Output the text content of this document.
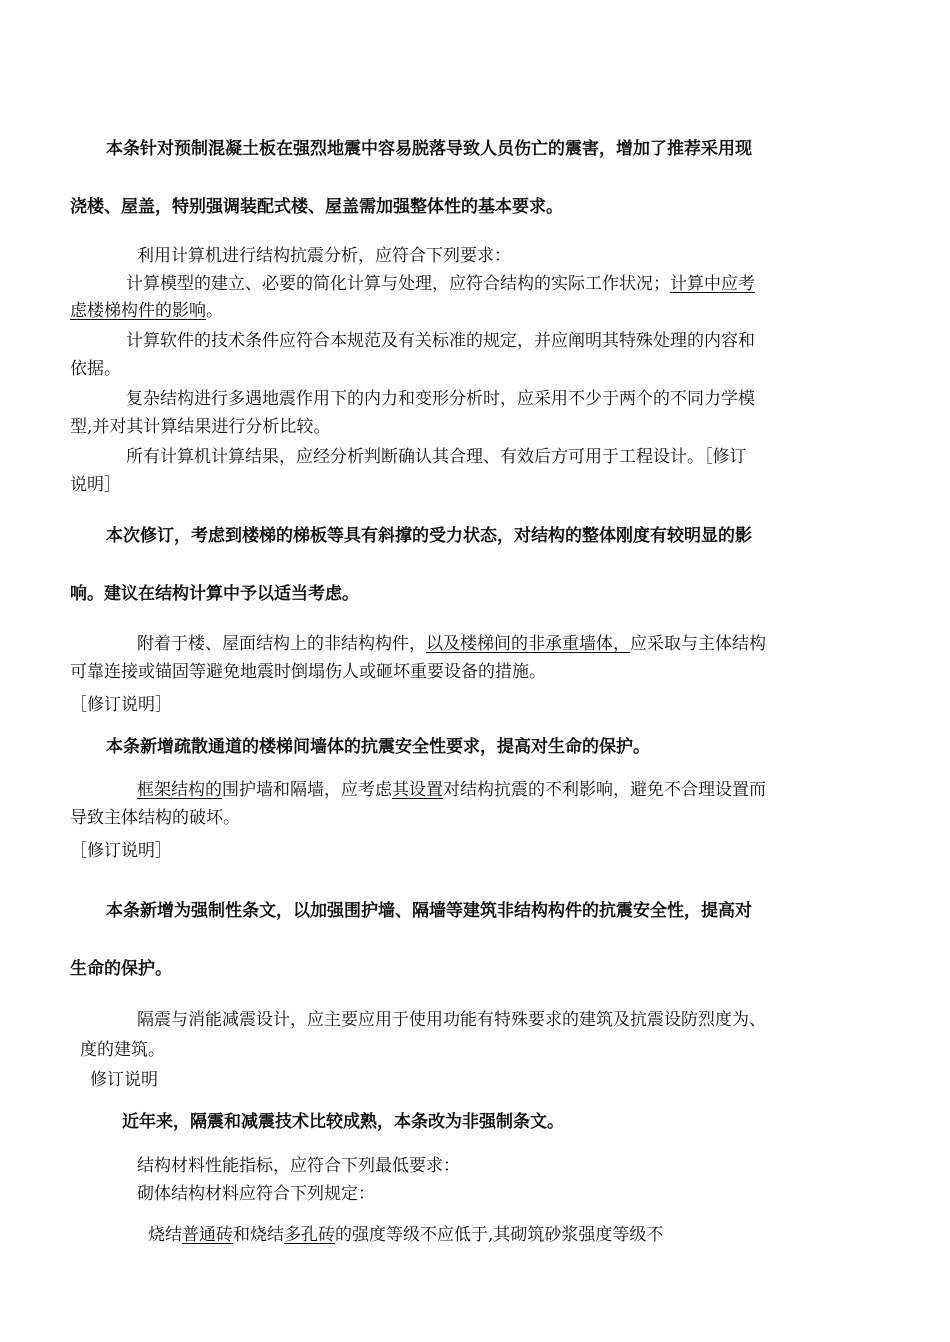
本条针对预制混凝土板在强烈地震中容易脱落导致人员伤亡的震害，增加了推荐采用现
浇楼、屋盖，特别强调装配式楼、屋盖需加强整体性的基本要求。
利用计算机进行结构抗震分析，应符合下列要求：
计算模型的建立、必要的简化计算与处理，应符合结构的实际工作状况；计算中应考
虑楼梯构件的影响。
计算软件的技术条件应符合本规范及有关标准的规定，并应阐明其特殊处理的内容和
依据。
复杂结构进行多遇地震作用下的内力和变形分析时，应采用不少于两个的不同力学模
型,并对其计算结果进行分析比较。
所有计算机计算结果，应经分析判断确认其合理、有效后方可用于工程设计。［修订
说明］
本次修订，考虑到楼梯的梯板等具有斜撑的受力状态，对结构的整体刚度有较明显的影
响。建议在结构计算中予以适当考虑。
附着于楼、屋面结构上的非结构构件，以及楼梯间的非承重墙体，应采取与主体结构
可靠连接或锚固等避免地震时倒塌伤人或砸坏重要设备的措施。
［修订说明］
本条新增疏散通道的楼梯间墙体的抗震安全性要求，提高对生命的保护。
框架结构的围护墙和隔墙，应考虑其设置对结构抗震的不利影响，避免不合理设置而
导致主体结构的破坏。
［修订说明］
本条新增为强制性条文，以加强围护墙、隔墙等建筑非结构构件的抗震安全性，提高对
生命的保护。
隔震与消能减震设计，应主要应用于使用功能有特殊要求的建筑及抗震设防烈度为、
度的建筑。
修订说明
近年来，隔震和减震技术比较成熟，本条改为非强制条文。
结构材料性能指标，应符合下列最低要求：
砌体结构材料应符合下列规定：
烧结普通砖和烧结多孔砖的强度等级不应低于,其砌筑砂浆强度等级不
